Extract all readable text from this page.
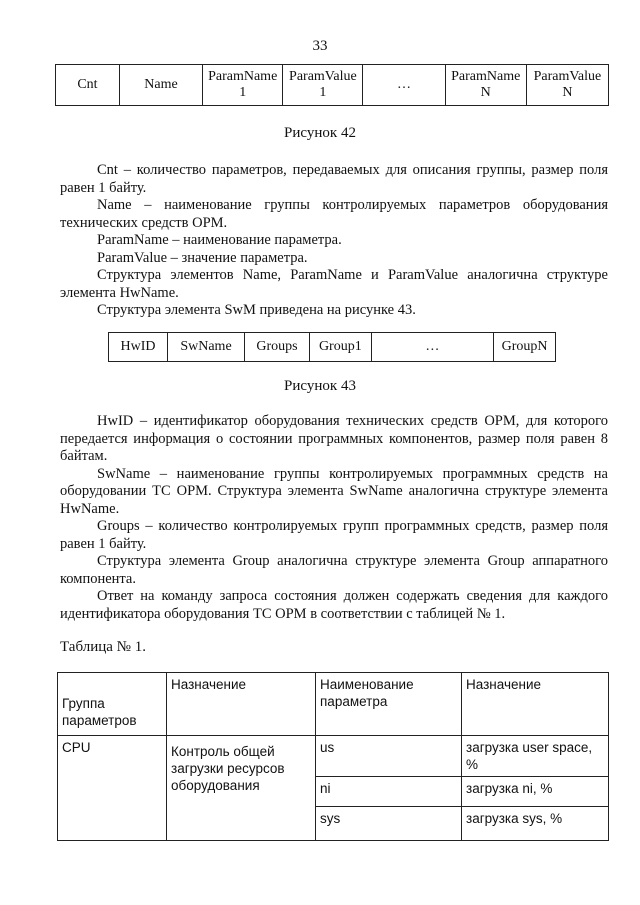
33
Cnt	Name	ParamName 1	ParamValue 1	…	ParamName N	ParamValue N
Рисунок 42

Cnt – количество параметров, передаваемых для описания группы, размер поля равен 1 байту.

Name – наименование группы контролируемых параметров оборудования технических средств ОРМ.

ParamName – наименование параметра.

ParamValue – значение параметра.

Структура элементов Name, ParamName и ParamValue аналогична структуре элемента HwName.

Структура элемента SwM приведена на рисунке 43.

HwID	SwName	Groups	Group1	…	GroupN
Рисунок 43

HwID – идентификатор оборудования технических средств ОРМ, для которого передается информация о состоянии программных компонентов, размер поля равен 8 байтам.

SwName – наименование группы контролируемых программных средств на оборудовании ТС ОРМ. Структура элемента SwName аналогична структуре элемента HwName.

Groups – количество контролируемых групп программных средств, размер поля равен 1 байту.

Структура элемента Group аналогична структуре элемента Group аппаратного компонента.

Ответ на команду запроса состояния должен содержать сведения для каждого идентификатора оборудования ТС ОРМ в соответствии с таблицей № 1.

Таблица № 1.
Группа параметров	Назначение	Наименование параметра	Назначение
CPU	Контроль общей загрузки ресурсов оборудования	us	загрузка user space, %
		ni	загрузка ni, %
		sys	загрузка sys, %
